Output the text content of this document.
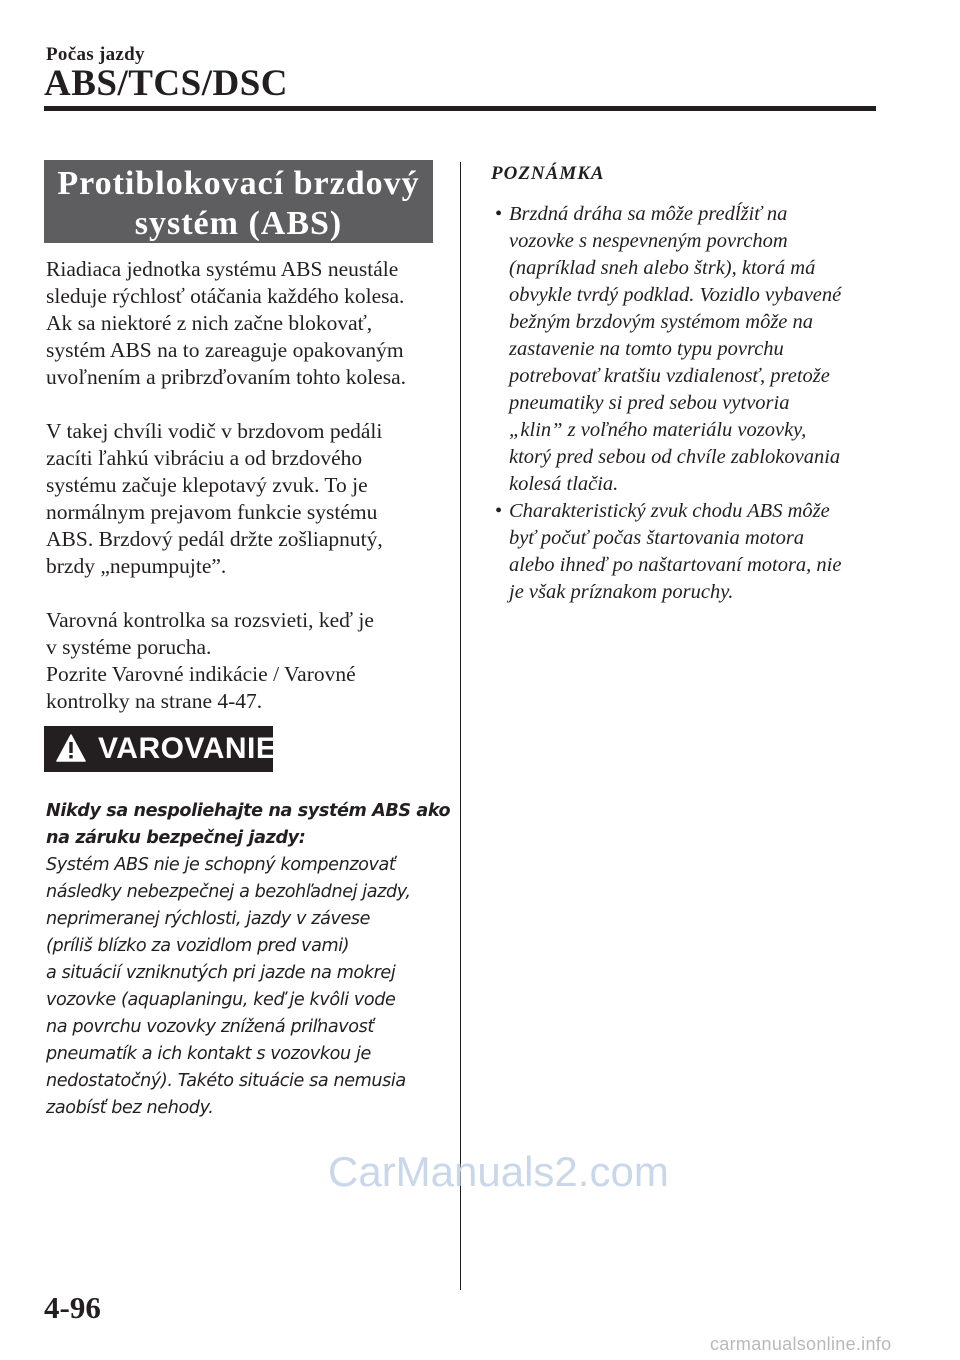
Počas jazdy
ABS/TCS/DSC
Protiblokovací brzdový
systém (ABS)

Riadiaca jednotka systému ABS neustále
sleduje rýchlosť otáčania každého kolesa.
Ak sa niektoré z nich začne blokovať,
systém ABS na to zareaguje opakovaným
uvoľnením a pribrzďovaním tohto kolesa.

V takej chvíli vodič v brzdovom pedáli
zacíti ľahkú vibráciu a od brzdového
systému začuje klepotavý zvuk. To je
normálnym prejavom funkcie systému
ABS. Brzdový pedál držte zošliapnutý,
brzdy „nepumpujte”.

Varovná kontrolka sa rozsvieti, keď je
v systéme porucha.
Pozrite Varovné indikácie / Varovné
kontrolky na strane 4-47.

VAROVANIE
Nikdy sa nespoliehajte na systém ABS ako
na záruku bezpečnej jazdy:
Systém ABS nie je schopný kompenzovať
následky nebezpečnej a bezohľadnej jazdy,
neprimeranej rýchlosti, jazdy v závese
(príliš blízko za vozidlom pred vami)
a situácií vzniknutých pri jazde na mokrej
vozovke (aquaplaningu, keď je kvôli vode
na povrchu vozovky znížená priľnavosť
pneumatík a ich kontakt s vozovkou je
nedostatočný). Takéto situácie sa nemusia
zaobísť bez nehody.
POZNÁMKA
• Brzdná dráha sa môže predĺžiť na
vozovke s nespevneným povrchom
(napríklad sneh alebo štrk), ktorá má
obvykle tvrdý podklad. Vozidlo vybavené
bežným brzdovým systémom môže na
zastavenie na tomto typu povrchu
potrebovať kratšiu vzdialenosť, pretože
pneumatiky si pred sebou vytvoria
„klin” z voľného materiálu vozovky,
ktorý pred sebou od chvíle zablokovania
kolesá tlačia.
• Charakteristický zvuk chodu ABS môže
byť počuť počas štartovania motora
alebo ihneď po naštartovaní motora, nie
je však príznakom poruchy.
CarManuals2.com
4-96
carmanualsonline.info
